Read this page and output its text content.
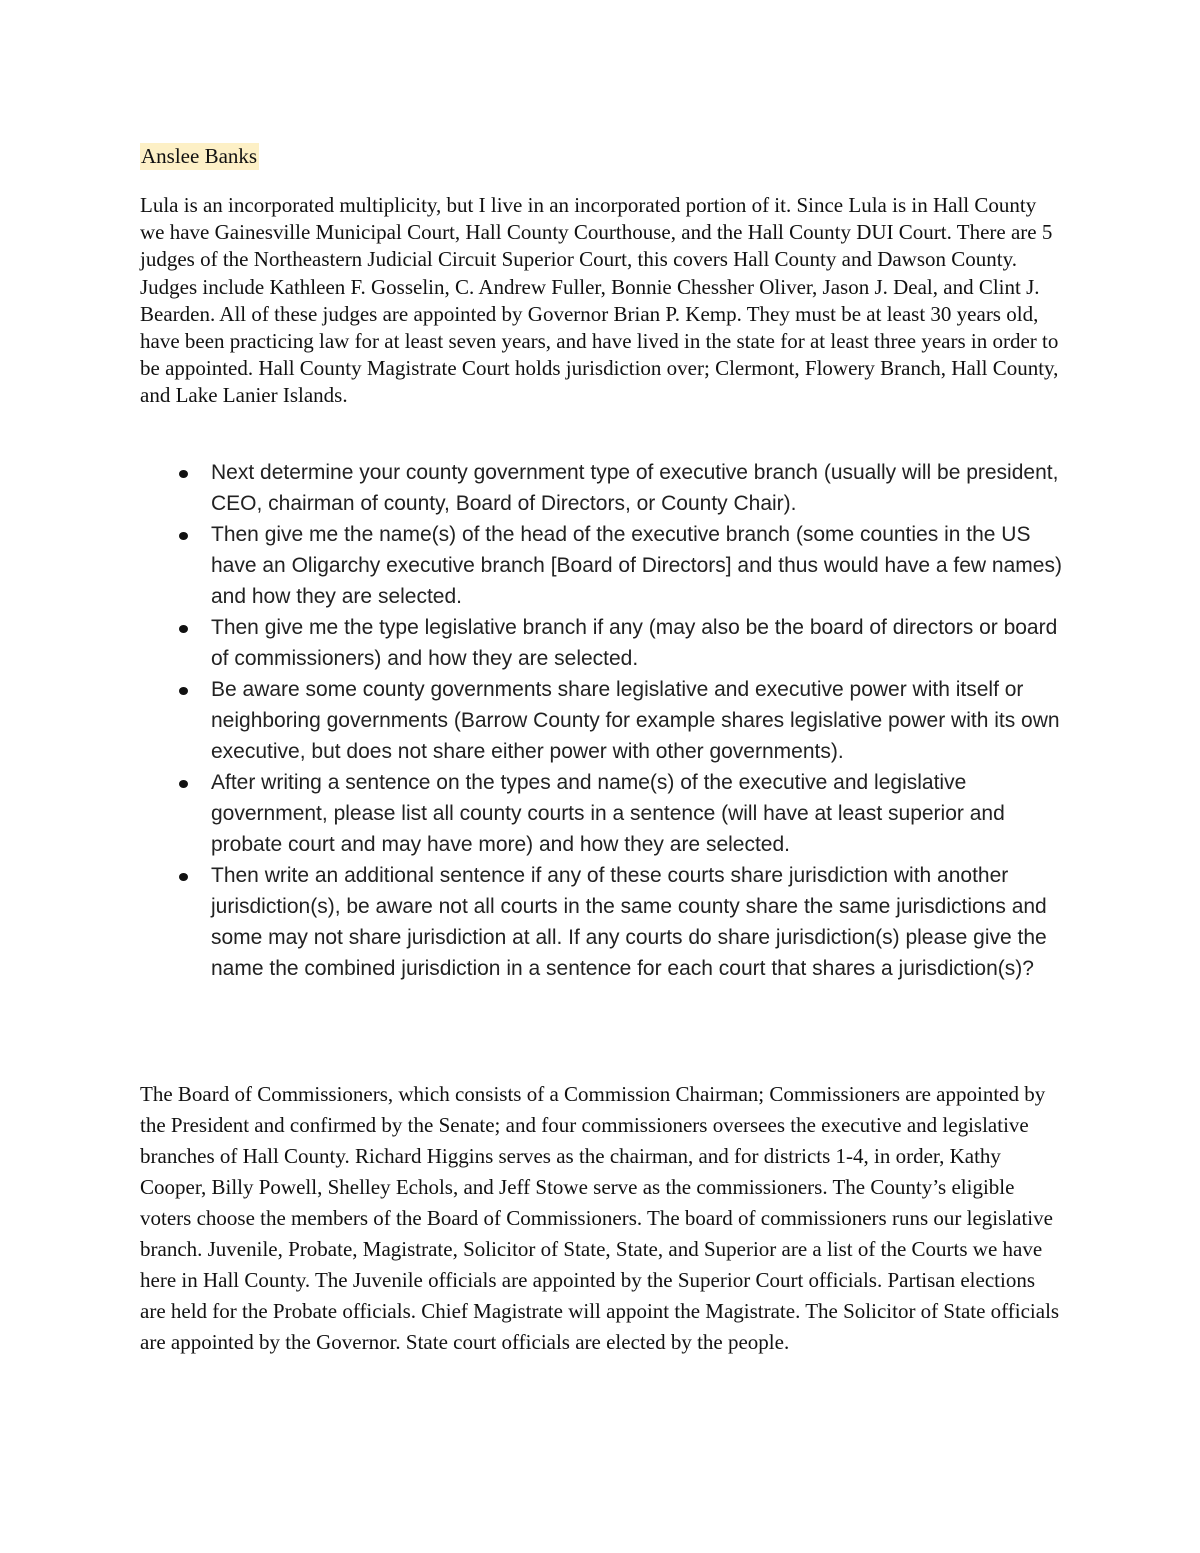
Anslee Banks

Lula is an incorporated multiplicity, but I live in an incorporated portion of it. Since Lula is in Hall County we have Gainesville Municipal Court, Hall County Courthouse, and the Hall County DUI Court. There are 5 judges of the Northeastern Judicial Circuit Superior Court, this covers Hall County and Dawson County. Judges include Kathleen F. Gosselin, C. Andrew Fuller, Bonnie Chessher Oliver, Jason J. Deal, and Clint J. Bearden. All of these judges are appointed by Governor Brian P. Kemp. They must be at least 30 years old, have been practicing law for at least seven years, and have lived in the state for at least three years in order to be appointed. Hall County Magistrate Court holds jurisdiction over; Clermont, Flowery Branch, Hall County, and Lake Lanier Islands.

Next determine your county government type of executive branch (usually will be president, CEO, chairman of county, Board of Directors, or County Chair).
Then give me the name(s) of the head of the executive branch (some counties in the US have an Oligarchy executive branch [Board of Directors] and thus would have a few names) and how they are selected.
Then give me the type legislative branch if any (may also be the board of directors or board of commissioners) and how they are selected.
Be aware some county governments share legislative and executive power with itself or neighboring governments (Barrow County for example shares legislative power with its own executive, but does not share either power with other governments).
After writing a sentence on the types and name(s) of the executive and legislative government, please list all county courts in a sentence (will have at least superior and probate court and may have more) and how they are selected.
Then write an additional sentence if any of these courts share jurisdiction with another jurisdiction(s), be aware not all courts in the same county share the same jurisdictions and some may not share jurisdiction at all. If any courts do share jurisdiction(s) please give the name the combined jurisdiction in a sentence for each court that shares a jurisdiction(s)?

The Board of Commissioners, which consists of a Commission Chairman; Commissioners are appointed by the President and confirmed by the Senate; and four commissioners oversees the executive and legislative branches of Hall County. Richard Higgins serves as the chairman, and for districts 1-4, in order, Kathy Cooper, Billy Powell, Shelley Echols, and Jeff Stowe serve as the commissioners. The County’s eligible voters choose the members of the Board of Commissioners. The board of commissioners runs our legislative branch. Juvenile, Probate, Magistrate, Solicitor of State, State, and Superior are a list of the Courts we have here in Hall County. The Juvenile officials are appointed by the Superior Court officials. Partisan elections are held for the Probate officials. Chief Magistrate will appoint the Magistrate. The Solicitor of State officials are appointed by the Governor. State court officials are elected by the people.
